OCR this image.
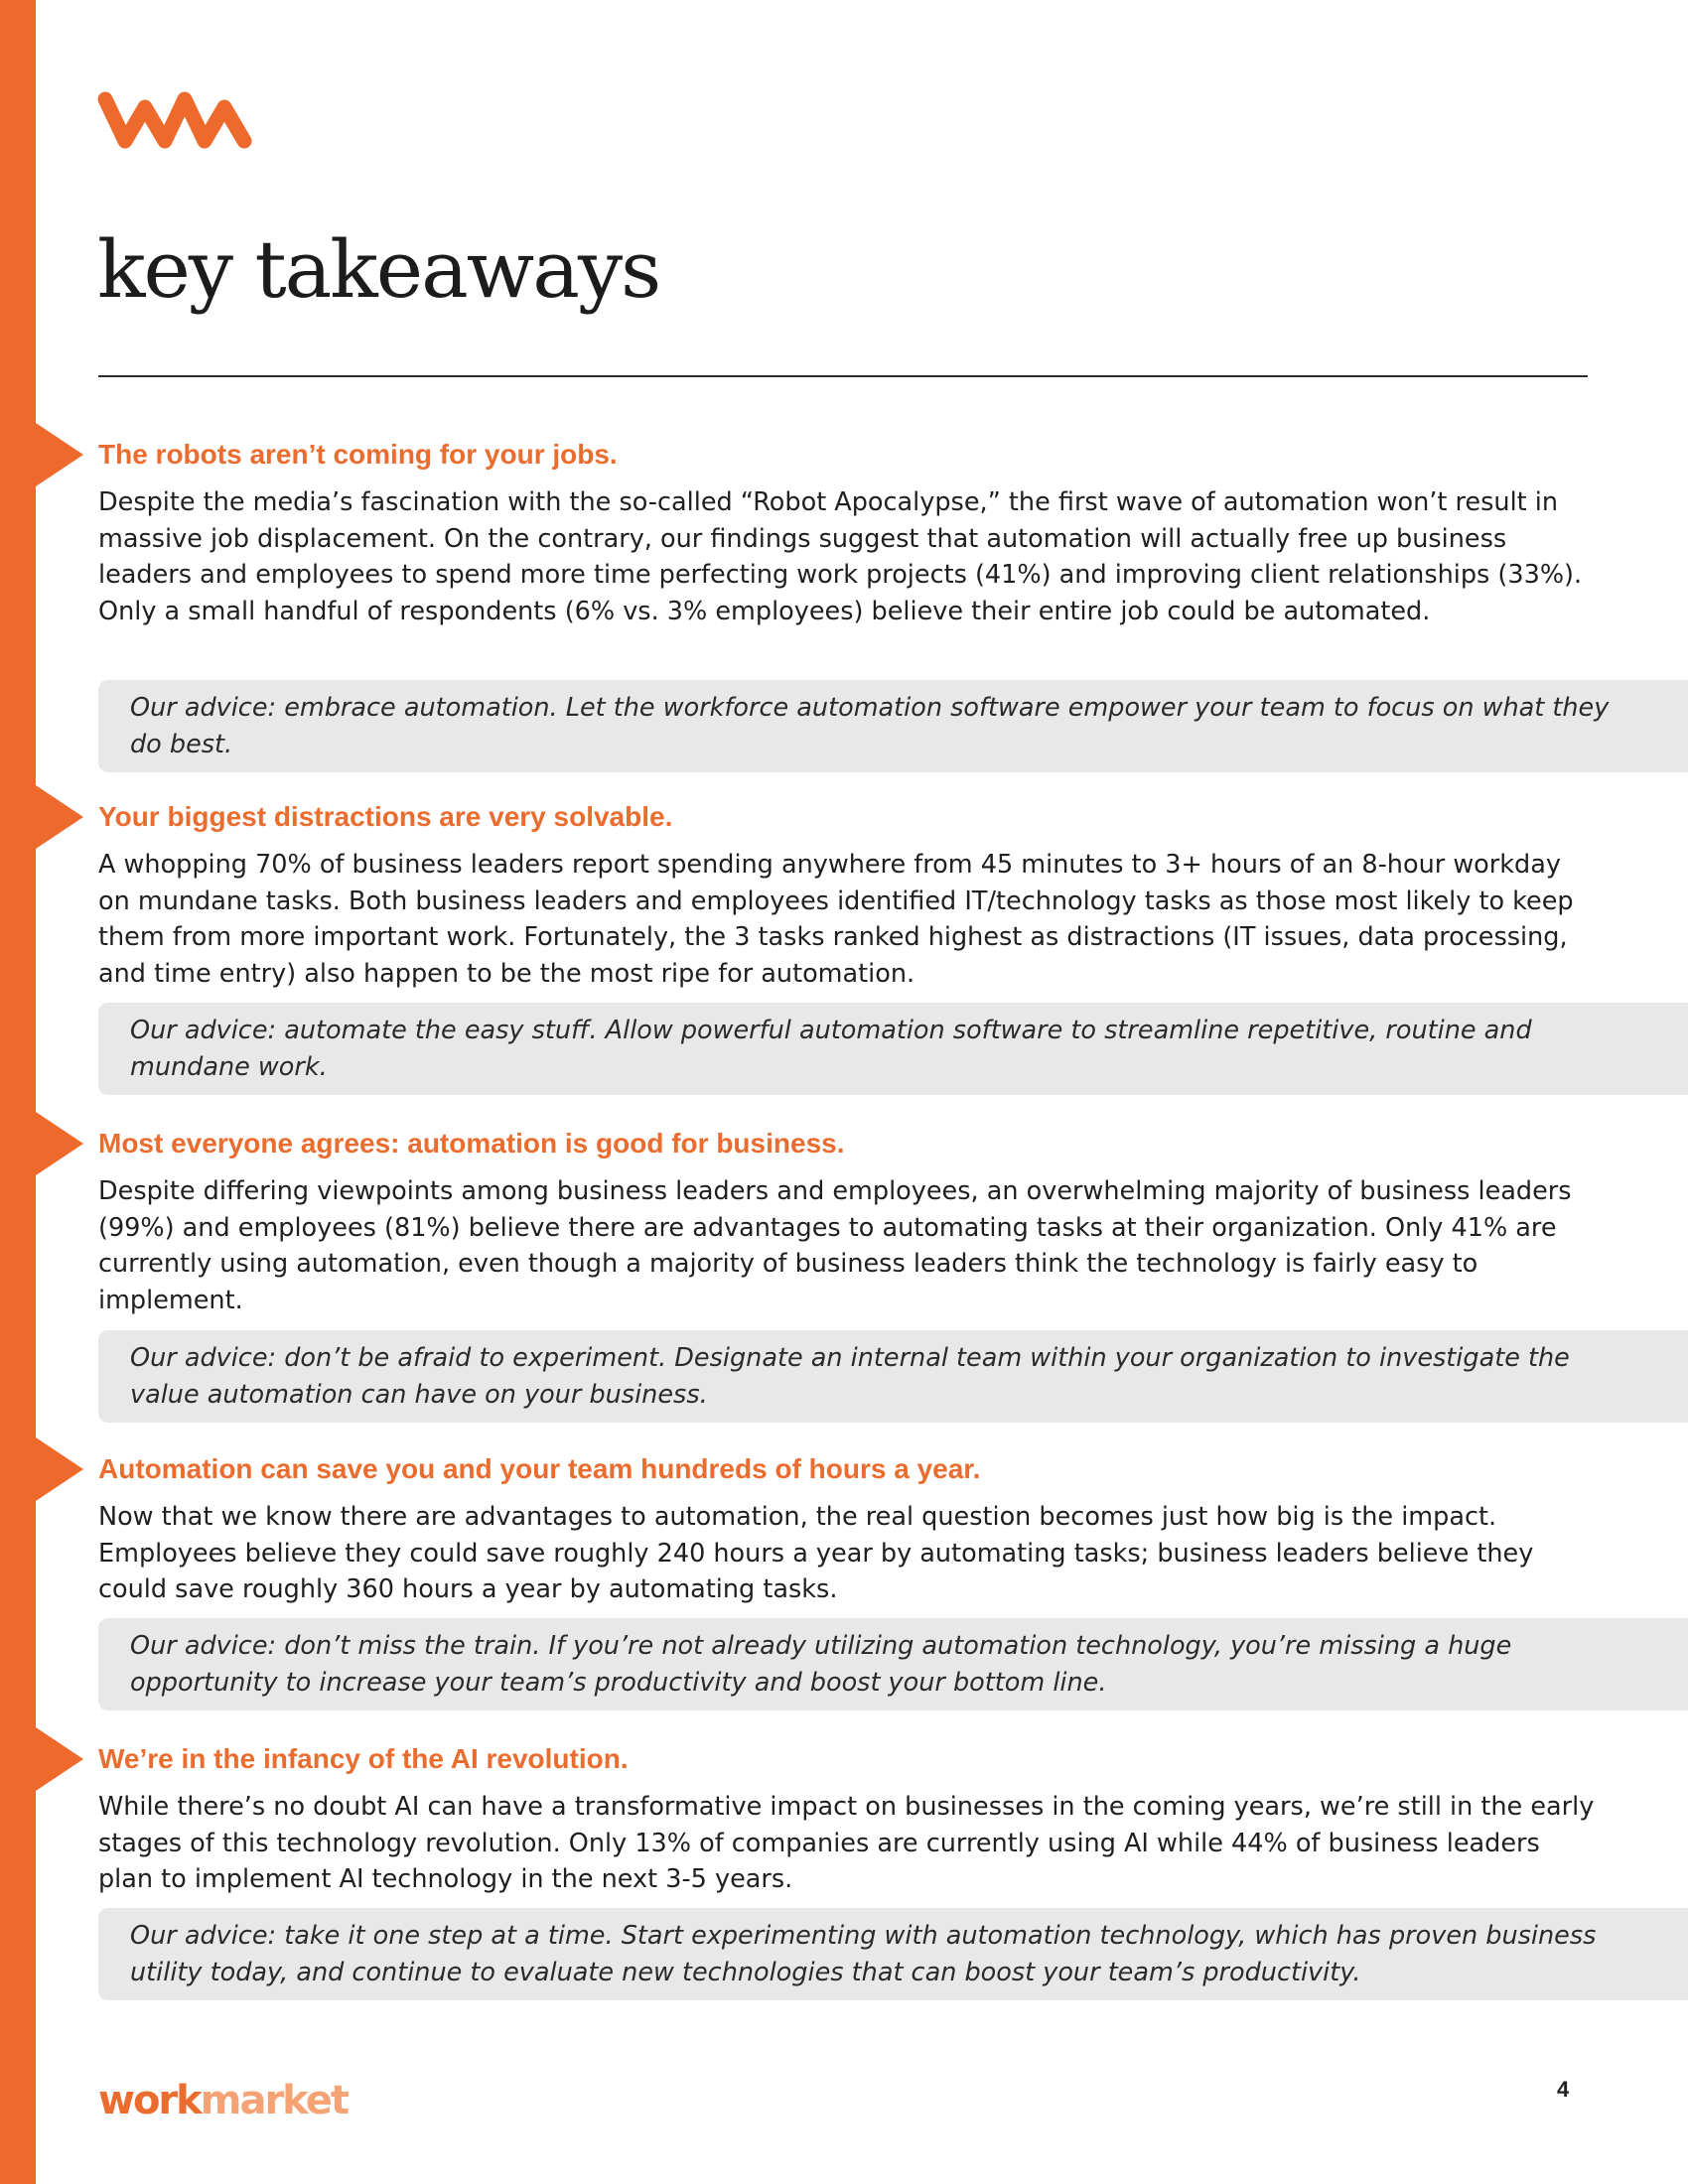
key takeaways
The robots aren’t coming for your jobs.

Despite the media’s fascination with the so-called “Robot Apocalypse,” the first wave of automation won’t result in massive job displacement. On the contrary, our findings suggest that automation will actually free up business leaders and employees to spend more time perfecting work projects (41%) and improving client relationships (33%). Only a small handful of respondents (6% vs. 3% employees) believe their entire job could be automated.

Our advice: embrace automation. Let the workforce automation software empower your team to focus on what they do best.

Your biggest distractions are very solvable.

A whopping 70% of business leaders report spending anywhere from 45 minutes to 3+ hours of an 8-hour workday on mundane tasks. Both business leaders and employees identified IT/technology tasks as those most likely to keep them from more important work. Fortunately, the 3 tasks ranked highest as distractions (IT issues, data processing, and time entry) also happen to be the most ripe for automation.

Our advice: automate the easy stuff. Allow powerful automation software to streamline repetitive, routine and mundane work.

Most everyone agrees: automation is good for business.

Despite differing viewpoints among business leaders and employees, an overwhelming majority of business leaders (99%) and employees (81%) believe there are advantages to automating tasks at their organization. Only 41% are currently using automation, even though a majority of business leaders think the technology is fairly easy to implement.

Our advice: don’t be afraid to experiment. Designate an internal team within your organization to investigate the value automation can have on your business.

Automation can save you and your team hundreds of hours a year.

Now that we know there are advantages to automation, the real question becomes just how big is the impact. Employees believe they could save roughly 240 hours a year by automating tasks; business leaders believe they could save roughly 360 hours a year by automating tasks.

Our advice: don’t miss the train. If you’re not already utilizing automation technology, you’re missing a huge opportunity to increase your team’s productivity and boost your bottom line.

We’re in the infancy of the AI revolution.

While there’s no doubt AI can have a transformative impact on businesses in the coming years, we’re still in the early stages of this technology revolution. Only 13% of companies are currently using AI while 44% of business leaders plan to implement AI technology in the next 3-5 years.

Our advice: take it one step at a time. Start experimenting with automation technology, which has proven business utility today, and continue to evaluate new technologies that can boost your team’s productivity.

workmarket	4
